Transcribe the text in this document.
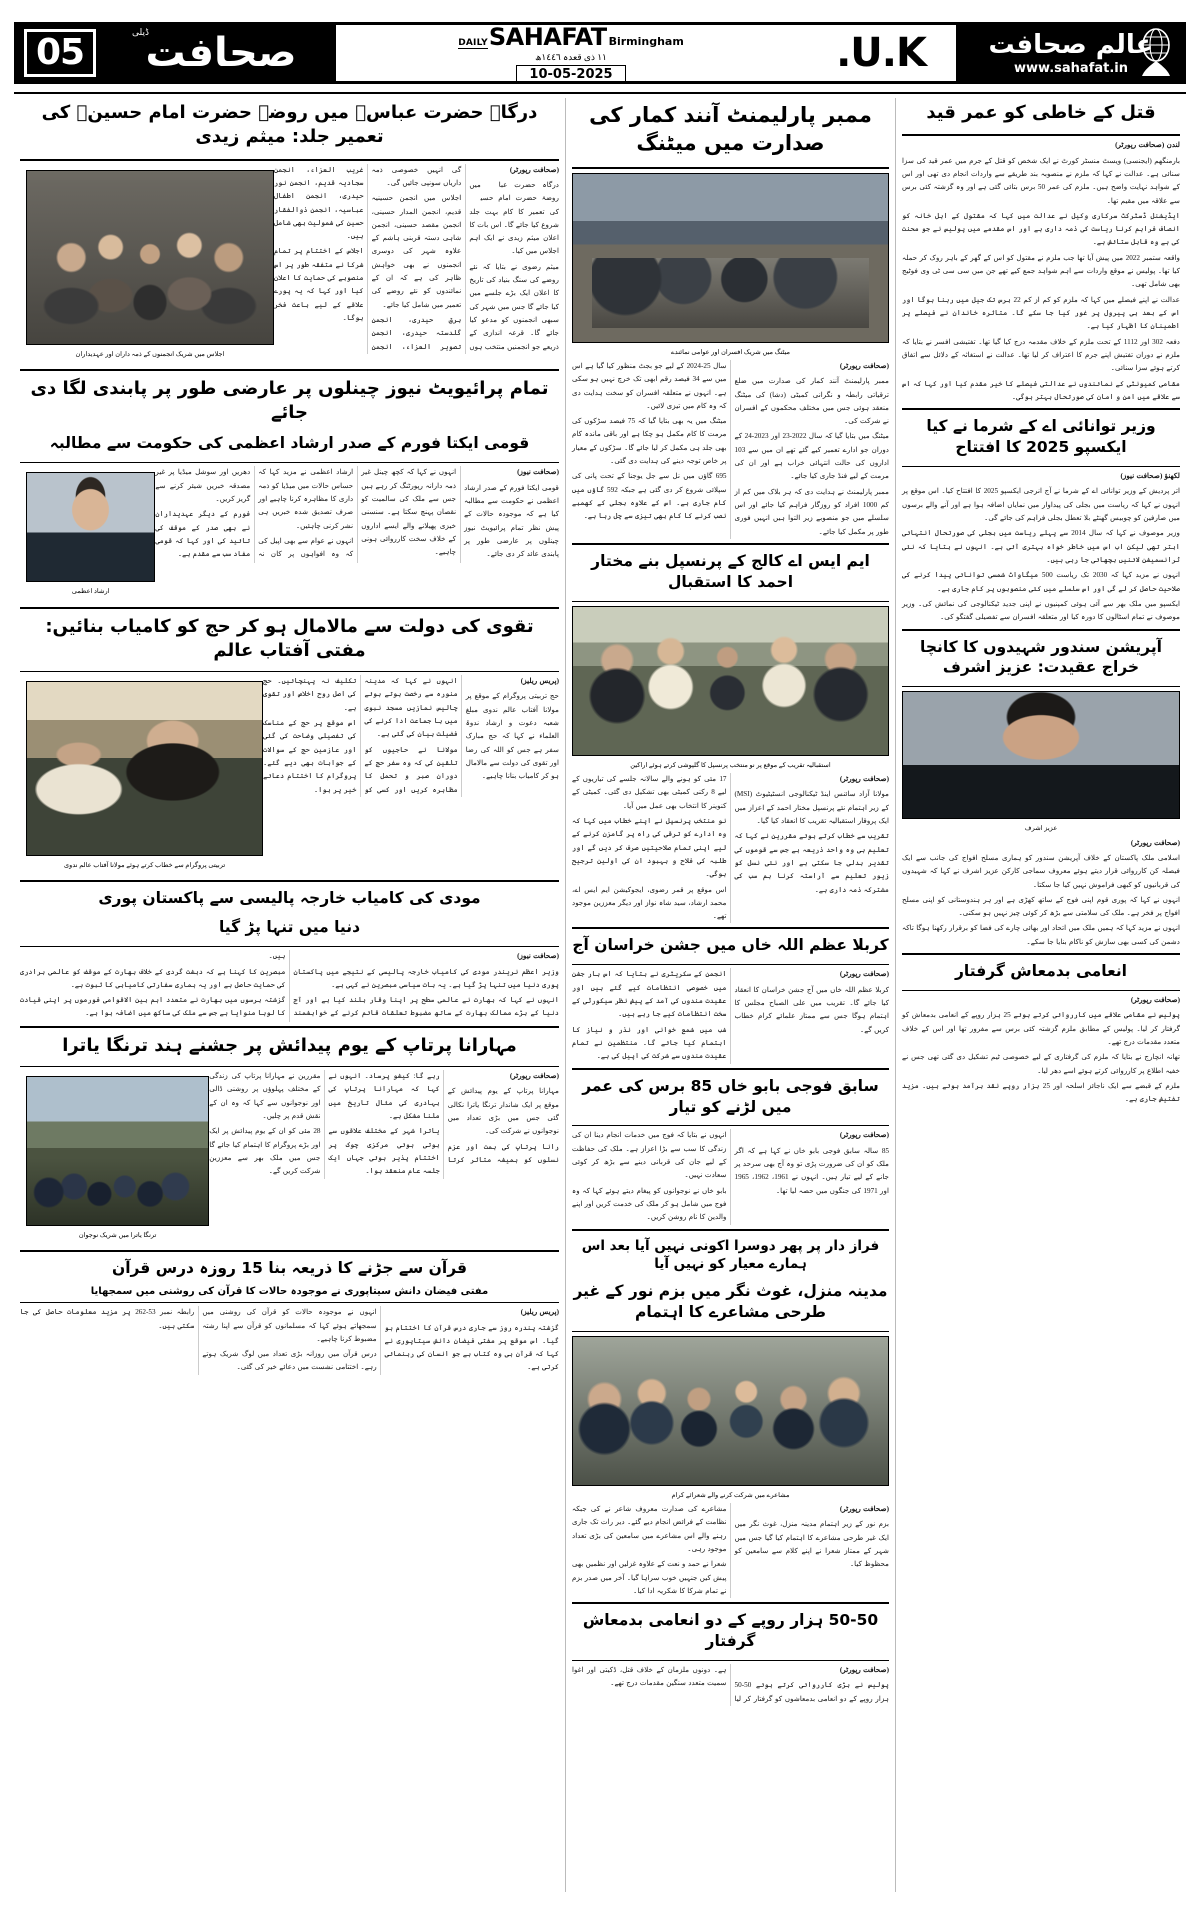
عالم صحافت
www.sahafat.in
U.K.
DAILY SAHAFAT Birmingham
١١ ذی قعدہ ١٤٤٦ھ
10-05-2025
ڈیلی
صحافت
05
قتل کے خاطی کو عمر قید

لندن (صحافت رپورٹر)

بارمنگھم (ایجنسی) ویسٹ منسٹر کورٹ نے ایک شخص کو قتل کے جرم میں عمر قید کی سزا سنائی ہے۔ عدالت نے کہا کہ ملزم نے منصوبہ بند طریقے سے واردات انجام دی تھی اور اس کے شواہد نہایت واضح ہیں۔ ملزم کی عمر 50 برس بتائی گئی ہے اور وہ گزشتہ کئی برس سے علاقہ میں مقیم تھا۔

ایڈیشنل ڈسٹرکٹ سرکاری وکیل نے عدالت میں کہا کہ مقتول کے اہل خانہ کو انصاف فراہم کرنا ریاست کی ذمہ داری ہے اور اس مقدمے میں پولیس نے جو محنت کی ہے وہ قابل ستائش ہے۔

واقعہ ستمبر 2022 میں پیش آیا تھا جب ملزم نے مقتول کو اس کے گھر کے باہر روک کر حملہ کیا تھا۔ پولیس نے موقع واردات سے اہم شواہد جمع کیے تھے جن میں سی سی ٹی وی فوٹیج بھی شامل تھی۔

عدالت نے اپنے فیصلے میں کہا کہ ملزم کو کم از کم 22 برس تک جیل میں رہنا ہوگا اور اس کے بعد ہی پیرول پر غور کیا جا سکے گا۔ متاثرہ خاندان نے فیصلے پر اطمینان کا اظہار کیا ہے۔

دفعہ 302 اور 1112 کے تحت ملزم کے خلاف مقدمہ درج کیا گیا تھا۔ تفتیشی افسر نے بتایا کہ ملزم نے دوران تفتیش اپنے جرم کا اعتراف کر لیا تھا۔ عدالت نے استغاثہ کے دلائل سے اتفاق کرتے ہوئے سزا سنائی۔

مقامی کمیونٹی کے نمائندوں نے عدالتی فیصلے کا خیر مقدم کیا اور کہا کہ اس سے علاقے میں امن و امان کی صورتحال بہتر ہوگی۔

وزیر توانائی اے کے شرما نے کیا ایکسپو 2025 کا افتتاح

لکھنؤ (صحافت نیوز)

اتر پردیش کے وزیر توانائی اے کے شرما نے آج انرجی ایکسپو 2025 کا افتتاح کیا۔ اس موقع پر انہوں نے کہا کہ ریاست میں بجلی کی پیداوار میں نمایاں اضافہ ہوا ہے اور آنے والے برسوں میں صارفین کو چوبیس گھنٹے بلا تعطل بجلی فراہم کی جائے گی۔

وزیر موصوف نے کہا کہ سال 2014 سے پہلے ریاست میں بجلی کی صورتحال انتہائی ابتر تھی لیکن اب اس میں خاطر خواہ بہتری آئی ہے۔ انہوں نے بتایا کہ نئی ٹرانسمیشن لائنیں بچھائی جا رہی ہیں۔

انہوں نے مزید کہا کہ 2030 تک ریاست 500 میگاواٹ شمسی توانائی پیدا کرنے کی صلاحیت حاصل کر لے گی اور اس سلسلے میں کئی منصوبوں پر کام جاری ہے۔

ایکسپو میں ملک بھر سے آئی ہوئی کمپنیوں نے اپنی جدید ٹیکنالوجی کی نمائش کی۔ وزیر موصوف نے تمام اسٹالوں کا دورہ کیا اور متعلقہ افسران سے تفصیلی گفتگو کی۔

آپریشن سندور شہیدوں کا کانچا خراج عقیدت: عزیز اشرف
عزیز اشرف

(صحافت رپورٹر)

اسلامی ملک پاکستان کے خلاف آپریشن سندور کو ہماری مسلح افواج کی جانب سے ایک فیصلہ کن کارروائی قرار دیتے ہوئے معروف سماجی کارکن عزیز اشرف نے کہا کہ شہیدوں کی قربانیوں کو کبھی فراموش نہیں کیا جا سکتا۔

انہوں نے کہا کہ پوری قوم اپنی فوج کے ساتھ کھڑی ہے اور ہر ہندوستانی کو اپنی مسلح افواج پر فخر ہے۔ ملک کی سلامتی سے بڑھ کر کوئی چیز نہیں ہو سکتی۔

انہوں نے مزید کہا کہ ہمیں ملک میں اتحاد اور بھائی چارے کی فضا کو برقرار رکھنا ہوگا تاکہ دشمن کی کسی بھی سازش کو ناکام بنایا جا سکے۔

انعامی بدمعاش گرفتار

(صحافت رپورٹر)

پولیس نے مقامی علاقے میں کارروائی کرتے ہوئے 25 ہزار روپے کے انعامی بدمعاش کو گرفتار کر لیا۔ پولیس کے مطابق ملزم گزشتہ کئی برس سے مفرور تھا اور اس کے خلاف متعدد مقدمات درج تھے۔

تھانہ انچارج نے بتایا کہ ملزم کی گرفتاری کے لیے خصوصی ٹیم تشکیل دی گئی تھی جس نے خفیہ اطلاع پر کارروائی کرتے ہوئے اسے دھر لیا۔

ملزم کے قبضے سے ایک ناجائز اسلحہ اور 25 ہزار روپے نقد برآمد ہوئے ہیں۔ مزید تفتیش جاری ہے۔

ممبر پارلیمنٹ آنند کمار کی صدارت میں میٹنگ
میٹنگ میں شریک افسران اور عوامی نمائندے

(صحافت رپورٹر)

ممبر پارلیمنٹ آنند کمار کی صدارت میں ضلع ترقیاتی رابطہ و نگرانی کمیٹی (دشا) کی میٹنگ منعقد ہوئی جس میں مختلف محکموں کے افسران نے شرکت کی۔

میٹنگ میں بتایا گیا کہ سال 2022-23 اور 2023-24 کے دوران جو ادارے تعمیر کیے گئے تھے ان میں سے 103 اداروں کی حالت انتہائی خراب ہے اور ان کی مرمت کے لیے فنڈ جاری کیا جائے۔

ممبر پارلیمنٹ نے ہدایت دی کہ ہر بلاک میں کم از کم 1000 افراد کو روزگار فراہم کیا جائے اور اس سلسلے میں جو منصوبے زیر التوا ہیں انہیں فوری طور پر مکمل کیا جائے۔

سال 25-2024 کے لیے جو بجٹ منظور کیا گیا ہے اس میں سے 34 فیصد رقم ابھی تک خرچ نہیں ہو سکی ہے۔ انہوں نے متعلقہ افسران کو سخت ہدایت دی کہ وہ کام میں تیزی لائیں۔

میٹنگ میں یہ بھی بتایا گیا کہ 75 فیصد سڑکوں کی مرمت کا کام مکمل ہو چکا ہے اور باقی ماندہ کام بھی جلد ہی مکمل کر لیا جائے گا۔ سڑکوں کے معیار پر خاص توجہ دینے کی ہدایت دی گئی۔

695 گاؤں میں نل سے جل یوجنا کے تحت پانی کی سپلائی شروع کر دی گئی ہے جبکہ 592 گاؤں میں کام جاری ہے۔ اس کے علاوہ بجلی کے کھمبے نصب کرنے کا کام بھی تیزی سے چل رہا ہے۔

ایم ایس اے کالج کے پرنسپل بنے مختار احمد کا استقبال
استقبالیہ تقریب کے موقع پر نو منتخب پرنسپل کا گلپوشی کرتے ہوئے اراکین

(صحافت رپورٹر)

مولانا آزاد سائنس اینڈ ٹیکنالوجی انسٹیٹیوٹ (MSI) کے زیر اہتمام نئے پرنسپل مختار احمد کے اعزاز میں ایک پروقار استقبالیہ تقریب کا انعقاد کیا گیا۔

تقریب سے خطاب کرتے ہوئے مقررین نے کہا کہ تعلیم ہی وہ واحد ذریعہ ہے جس سے قوموں کی تقدیر بدلی جا سکتی ہے اور نئی نسل کو زیور تعلیم سے آراستہ کرنا ہم سب کی مشترکہ ذمہ داری ہے۔

17 مئی کو ہونے والے سالانہ جلسے کی تیاریوں کے لیے 8 رکنی کمیٹی بھی تشکیل دی گئی۔ کمیٹی کے کنوینر کا انتخاب بھی عمل میں آیا۔

نو منتخب پرنسپل نے اپنے خطاب میں کہا کہ وہ ادارے کو ترقی کی راہ پر گامزن کرنے کے لیے اپنی تمام صلاحیتیں صرف کر دیں گے اور طلبہ کی فلاح و بہبود ان کی اولین ترجیح ہوگی۔

اس موقع پر قمر رضوی، ایجوکیشن ایم ایس اے، محمد ارشاد، سید شاہ نواز اور دیگر معززین موجود تھے۔

کربلا عظم اللہ خاں میں جشن خراسان آج

(صحافت رپورٹر)

کربلا عظم اللہ خاں میں آج جشن خراسان کا انعقاد کیا جائے گا۔ تقریب میں علی الصباح مجلس کا اہتمام ہوگا جس سے ممتاز علمائے کرام خطاب کریں گے۔

انجمن کے سکریٹری نے بتایا کہ اس بار جشن میں خصوصی انتظامات کیے گئے ہیں اور عقیدت مندوں کی آمد کے پیش نظر سیکورٹی کے سخت انتظامات کیے جا رہے ہیں۔

شب میں شمع خوانی اور نذر و نیاز کا اہتمام کیا جائے گا۔ منتظمین نے تمام عقیدت مندوں سے شرکت کی اپیل کی ہے۔

سابق فوجی بابو خاں 85 برس کی عمر میں لڑنے کو تیار

(صحافت رپورٹر)

85 سالہ سابق فوجی بابو خاں نے کہا ہے کہ اگر ملک کو ان کی ضرورت پڑی تو وہ آج بھی سرحد پر جانے کے لیے تیار ہیں۔ انہوں نے 1961، 1962، 1965 اور 1971 کی جنگوں میں حصہ لیا تھا۔

انہوں نے بتایا کہ فوج میں خدمات انجام دینا ان کی زندگی کا سب سے بڑا اعزاز ہے۔ ملک کی حفاظت کے لیے جان کی قربانی دینے سے بڑھ کر کوئی سعادت نہیں۔

بابو خاں نے نوجوانوں کو پیغام دیتے ہوئے کہا کہ وہ فوج میں شامل ہو کر ملک کی خدمت کریں اور اپنے والدین کا نام روشن کریں۔

فراز دار پر پھر دوسرا اکونی نہیں آیا بعد اس ہمارے معیار کو نہیں آیا
مدینہ منزل، غوث نگر میں بزم نور کے غیر طرحی مشاعرے کا اہتمام
مشاعرے میں شرکت کرنے والے شعرائے کرام

(صحافت رپورٹر)

بزم نور کے زیر اہتمام مدینہ منزل، غوث نگر میں ایک غیر طرحی مشاعرے کا اہتمام کیا گیا جس میں شہر کے ممتاز شعرا نے اپنے کلام سے سامعین کو محظوظ کیا۔

مشاعرے کی صدارت معروف شاعر نے کی جبکہ نظامت کے فرائض انجام دیے گئے۔ دیر رات تک جاری رہنے والے اس مشاعرے میں سامعین کی بڑی تعداد موجود رہی۔

شعرا نے حمد و نعت کے علاوہ غزلیں اور نظمیں بھی پیش کیں جنہیں خوب سراہا گیا۔ آخر میں صدر بزم نے تمام شرکا کا شکریہ ادا کیا۔

50-50 ہزار روپے کے دو انعامی بدمعاش گرفتار

(صحافت رپورٹر)

پولیس نے بڑی کارروائی کرتے ہوئے 50-50 ہزار روپے کے دو انعامی بدمعاشوں کو گرفتار کر لیا ہے۔ دونوں ملزمان کے خلاف قتل، ڈکیتی اور اغوا سمیت متعدد سنگین مقدمات درج تھے۔

درگاہ حضرت عباسؑ میں روضۂ حضرت امام حسینؑ کی تعمیر جلد: میثم زیدی
اجلاس میں شریک انجمنوں کے ذمہ داران اور عہدیداران

(صحافت رپورٹر)

درگاہ حضرت عباسؑ میں روضۂ حضرت امام حسینؑ کی تعمیر کا کام بہت جلد شروع کیا جائے گا۔ اس بات کا اعلان میثم زیدی نے ایک اہم اجلاس میں کیا۔

میثم رضوی نے بتایا کہ نئے روضے کی سنگ بنیاد کی تاریخ کا اعلان ایک بڑے جلسے میں کیا جائے گا جس میں شہر کی سبھی انجمنوں کو مدعو کیا جائے گا۔ قرعہ اندازی کے ذریعے جو انجمنیں منتخب ہوں گی انہیں خصوصی ذمہ داریاں سونپی جائیں گی۔

اجلاس میں انجمن حسینیہ قدیم، انجمن المدار حسینی، انجمن مقصد حسینی، انجمن شاہی دستہ قربنی ہاشم کے علاوہ شہر کی دوسری انجمنوں نے بھی خواہش ظاہر کی ہے کہ ان کے نمائندوں کو نئے روضے کی تعمیر میں شامل کیا جائے۔

برق حیدری، انجمن گلدستہ حیدری، انجمن تصویر العزاء، انجمن غریب العزاء، انجمن سجادیہ قدیم، انجمن نور حیدری، انجمن اطفال عباسیہ، انجمن ذوالفقار حسین کی شمولیت بھی شامل ہیں۔

اجلاس کے اختتام پر تمام شرکا نے متفقہ طور پر اس منصوبے کی حمایت کا اعلان کیا اور کہا کہ یہ پورے علاقے کے لیے باعث فخر ہوگا۔

تمام پرائیویٹ نیوز چینلوں پر عارضی طور پر پابندی لگا دی جائے
قومی ایکتا فورم کے صدر ارشاد اعظمی کی حکومت سے مطالبہ
ارشاد اعظمی

(صحافت نیوز)

قومی ایکتا فورم کے صدر ارشاد اعظمی نے حکومت سے مطالبہ کیا ہے کہ موجودہ حالات کے پیش نظر تمام پرائیویٹ نیوز چینلوں پر عارضی طور پر پابندی عائد کر دی جائے۔

انہوں نے کہا کہ کچھ چینل غیر ذمہ دارانہ رپورٹنگ کر رہے ہیں جس سے ملک کی سالمیت کو نقصان پہنچ سکتا ہے۔ سنسنی خیزی پھیلانے والے ایسے اداروں کے خلاف سخت کارروائی ہونی چاہیے۔

ارشاد اعظمی نے مزید کہا کہ حساس حالات میں میڈیا کو ذمہ داری کا مظاہرہ کرنا چاہیے اور صرف تصدیق شدہ خبریں ہی نشر کرنی چاہئیں۔

انہوں نے عوام سے بھی اپیل کی کہ وہ افواہوں پر کان نہ دھریں اور سوشل میڈیا پر غیر مصدقہ خبریں شیئر کرنے سے گریز کریں۔

فورم کے دیگر عہدیداران نے بھی صدر کے موقف کی تائید کی اور کہا کہ قومی مفاد سب سے مقدم ہے۔

تقوی کی دولت سے مالامال ہو کر حج کو کامیاب بنائیں: مفتی آفتاب عالم
تربیتی پروگرام سے خطاب کرتے ہوئے مولانا آفتاب عالم ندوی

(پریس ریلیز)

حج تربیتی پروگرام کے موقع پر مولانا آفتاب عالم ندوی مبلغ شعبہ دعوت و ارشاد ندوۃ العلماء نے کہا کہ حج مبارک سفر ہے جس کو اللہ کی رضا اور تقوی کی دولت سے مالامال ہو کر کامیاب بنانا چاہیے۔

انہوں نے کہا کہ مدینہ منورہ سے رخصت ہوتے ہوئے چالیس نمازیں مسجد نبوی میں با جماعت ادا کرنے کی فضیلت بیان کی گئی ہے۔

مولانا نے حاجیوں کو تلقین کی کہ وہ سفر حج کے دوران صبر و تحمل کا مظاہرہ کریں اور کسی کو تکلیف نہ پہنچائیں۔ حج کی اصل روح اخلاص اور تقوی ہے۔

اس موقع پر حج کے مناسک کی تفصیلی وضاحت کی گئی اور عازمین حج کے سوالات کے جوابات بھی دیے گئے۔ پروگرام کا اختتام دعائے خیر پر ہوا۔

مودی کی کامیاب خارجہ پالیسی سے پاکستان پوری
دنیا میں تنہا پڑ گیا

(صحافت نیوز)

وزیر اعظم نریندر مودی کی کامیاب خارجہ پالیسی کے نتیجے میں پاکستان پوری دنیا میں تنہا پڑ گیا ہے۔ یہ بات سیاسی مبصرین نے کہی ہے۔

انہوں نے کہا کہ بھارت نے عالمی سطح پر اپنا وقار بلند کیا ہے اور آج دنیا کے بڑے ممالک بھارت کے ساتھ مضبوط تعلقات قائم کرنے کے خواہشمند ہیں۔

مبصرین کا کہنا ہے کہ دہشت گردی کے خلاف بھارت کے موقف کو عالمی برادری کی حمایت حاصل ہے اور یہ ہماری سفارتی کامیابی کا ثبوت ہے۔

گزشتہ برسوں میں بھارت نے متعدد اہم بین الاقوامی فورموں پر اپنی قیادت کا لوہا منوایا ہے جس سے ملک کی ساکھ میں اضافہ ہوا ہے۔

مہارانا پرتاپ کے یوم پیدائش پر جشنے ہند ترنگا یاترا
ترنگا یاترا میں شریک نوجوان

(صحافت رپورٹر)

مہارانا پرتاپ کے یوم پیدائش کے موقع پر ایک شاندار ترنگا یاترا نکالی گئی جس میں بڑی تعداد میں نوجوانوں نے شرکت کی۔

رانا پرتاپ کی ہمت اور عزم نسلوں کو ہمیشہ متاثر کرتا رہے گا: کیشو پرساد۔ انہوں نے کہا کہ مہارانا پرتاپ کی بہادری کی مثال تاریخ میں ملنا مشکل ہے۔

یاترا شہر کے مختلف علاقوں سے ہوتی ہوئی مرکزی چوک پر اختتام پذیر ہوئی جہاں ایک جلسہ عام منعقد ہوا۔

مقررین نے مہارانا پرتاپ کی زندگی کے مختلف پہلوؤں پر روشنی ڈالی اور نوجوانوں سے کہا کہ وہ ان کے نقش قدم پر چلیں۔

28 مئی کو ان کے یوم پیدائش پر ایک اور بڑے پروگرام کا اہتمام کیا جائے گا جس میں ملک بھر سے معززین شرکت کریں گے۔

قرآن سے جڑنے کا ذریعہ بنا 15 روزہ درس قرآن
مفتی فیضان دانش سیتاپوری نے موجودہ حالات کا قرآن کی روشنی میں سمجھایا

(پریس ریلیز)

گزشتہ پندرہ روز سے جاری درس قرآن کا اختتام ہو گیا۔ اس موقع پر مفتی فیضان دانش سیتاپوری نے کہا کہ قرآن ہی وہ کتاب ہے جو انسان کی رہنمائی کرتی ہے۔

انہوں نے موجودہ حالات کو قرآن کی روشنی میں سمجھاتے ہوئے کہا کہ مسلمانوں کو قرآن سے اپنا رشتہ مضبوط کرنا چاہیے۔

درس قرآن میں روزانہ بڑی تعداد میں لوگ شریک ہوتے رہے۔ اختتامی نشست میں دعائے خیر کی گئی۔

رابطہ نمبر 53-262 پر مزید معلومات حاصل کی جا سکتی ہیں۔
